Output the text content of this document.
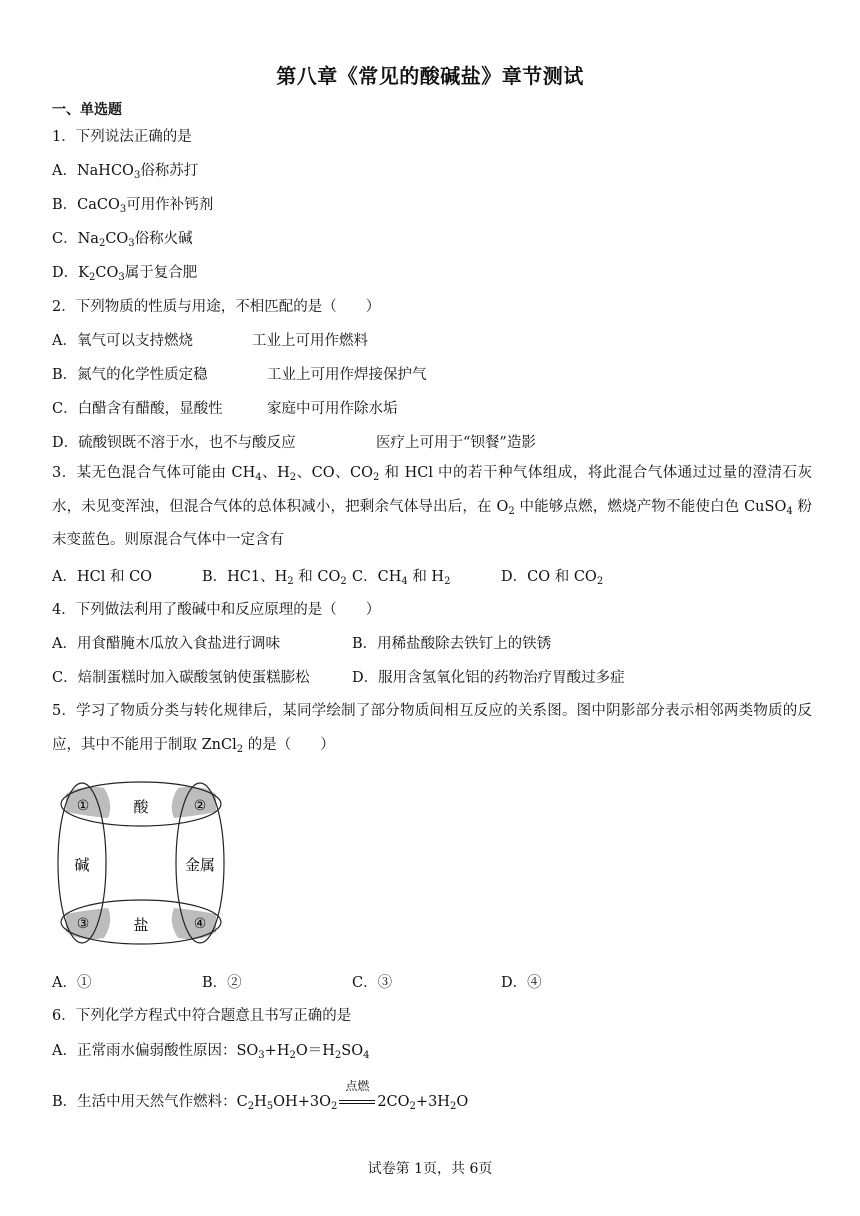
第八章《常见的酸碱盐》章节测试
一、单选题
1．下列说法正确的是
A．NaHCO$_3$俗称苏打
B．CaCO$_3$可用作补钙剂
C．$Na_2CO_3$俗称火碱
D．$K_2CO_3$属于复合肥
2．下列物质的性质与用途，不相匹配的是（　　）
A．氧气可以支持燃烧	工业上可用作燃料
B．氮气的化学性质定稳	工业上可用作焊接保护气
C．白醋含有醋酸，显酸性	家庭中可用作除水垢
D．硫酸钡既不溶于水，也不与酸反应	医疗上可用于“钡餐”造影
3．某无色混合气体可能由 $CH_4$、$H_2$、CO、$CO_2$ 和 HCl 中的若干种气体组成，将此混合气体通过过量的澄清石灰水，未见变浑浊，但混合气体的总体积减小，把剩余气体导出后，在 $O_2$ 中能够点燃，燃烧产物不能使白色 CuSO$_4$ 粉末变蓝色。则原混合气体中一定含有
A．HCl 和 CO	B．HC1、$H_2$ 和 $CO_2$ C．$CH_4$ 和 $H_2$	D．CO 和 $CO_2$
4．下列做法利用了酸碱中和反应原理的是（　　）
A．用食醋腌木瓜放入食盐进行调味	B．用稀盐酸除去铁钉上的铁锈
C．焙制蛋糕时加入碳酸氢钠使蛋糕膨松	D．服用含氢氧化铝的药物治疗胃酸过多症
5．学习了物质分类与转化规律后，某同学绘制了部分物质间相互反应的关系图。图中阴影部分表示相邻两类物质的反应，其中不能用于制取 ZnCl$_2$ 的是（　　）
酸
碱	金属
盐
①	②
③	④
A．①	B．②	C．③	D．④
6．下列化学方程式中符合题意且书写正确的是
A．正常雨水偏弱酸性原因：$SO_3+H_2O=H_2SO_4$
B．生活中用天然气作燃料：$C_2H_5OH+3O_2$
点燃
$2CO_2+3H_2O$
试卷第 1页，共 6页
